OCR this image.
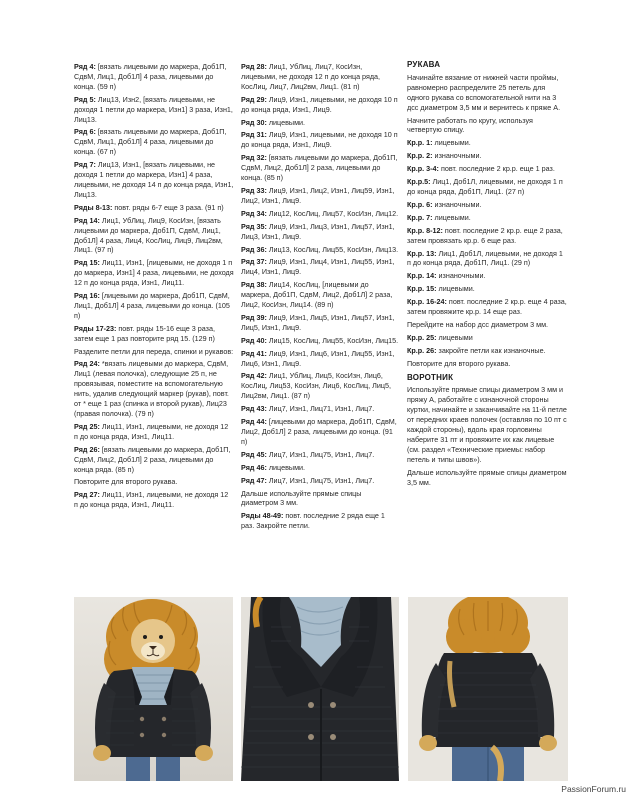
Ряд 4: [вязать лицевыми до маркера, Доб1П, СдвМ, Лиц1, Доб1Л] 4 раза, лицевыми до конца. (59 п)

Ряд 5: Лиц13, Изн2, [вязать лицевыми, не доходя 1 петли до маркера, Изн1] 3 раза, Изн1, Лиц13.

Ряд 6: [вязать лицевыми до маркера, Доб1П, СдвМ, Лиц1, Доб1Л] 4 раза, лицевыми до конца. (67 п)

Ряд 7: Лиц13, Изн1, [вязать лицевыми, не доходя 1 петли до маркера, Изн1] 4 раза, лицевыми, не доходя 14 п до конца ряда, Изн1, Лиц13.

Ряды 8-13: повт. ряды 6-7 еще 3 раза. (91 п)

Ряд 14: Лиц1, УбЛиц, Лиц9, КосИзн, [вязать лицевыми до маркера, Доб1П, СдвМ, Лиц1, Доб1Л] 4 раза, Лиц4, КосЛиц, Лиц9, Лиц2вм, Лиц1. (97 п)

Ряд 15: Лиц11, Изн1, [лицевыми, не доходя 1 п до маркера, Изн1] 4 раза, лицевыми, не доходя 12 п до конца ряда, Изн1, Лиц11.

Ряд 16: [лицевыми до маркера, Доб1П, СдвМ, Лиц1, Доб1Л] 4 раза, лицевыми до конца. (105 п)

Ряды 17-23: повт. ряды 15-16 еще 3 раза, затем еще 1 раз повторите ряд 15. (129 п)

Разделите петли для переда, спинки и рукавов:

Ряд 24: *вязать лицевыми до маркера, СдвМ, Лиц1 (левая полочка), следующие 25 п, не провязывая, поместите на вспомогательную нить, удалив следующий маркер (рукав), повт. от * еще 1 раз (спинка и второй рукав), Лиц23 (правая полочка). (79 п)

Ряд 25: Лиц11, Изн1, лицевыми, не доходя 12 п до конца ряда, Изн1, Лиц11.

Ряд 26: [вязать лицевыми до маркера, Доб1П, СдвМ, Лиц2, Доб1Л] 2 раза, лицевыми до конца ряда. (85 п)

Повторите для второго рукава.

Ряд 27: Лиц11, Изн1, лицевыми, не доходя 12 п до конца ряда, Изн1, Лиц11.

Ряд 28: Лиц1, УбЛиц, Лиц7, КосИзн, лицевыми, не доходя 12 п до конца ряда, КосЛиц, Лиц7, Лиц2вм, Лиц1. (81 п)

Ряд 29: Лиц9, Изн1, лицевыми, не доходя 10 п до конца ряда, Изн1, Лиц9.

Ряд 30: лицевыми.

Ряд 31: Лиц9, Изн1, лицевыми, не доходя 10 п до конца ряда, Изн1, Лиц9.

Ряд 32: [вязать лицевыми до маркера, Доб1П, СдвМ, Лиц2, Доб1Л] 2 раза, лицевыми до конца. (85 п)

Ряд 33: Лиц9, Изн1, Лиц2, Изн1, Лиц59, Изн1, Лиц2, Изн1, Лиц9.

Ряд 34: Лиц12, КосЛиц, Лиц57, КосИзн, Лиц12.

Ряд 35: Лиц9, Изн1, Лиц3, Изн1, Лиц57, Изн1, Лиц3, Изн1, Лиц9.

Ряд 36: Лиц13, КосЛиц, Лиц55, КосИзн, Лиц13.

Ряд 37: Лиц9, Изн1, Лиц4, Изн1, Лиц55, Изн1, Лиц4, Изн1, Лиц9.

Ряд 38: Лиц14, КосЛиц, [лицевыми до маркера, Доб1П, СдвМ, Лиц2, Доб1Л] 2 раза, Лиц2, КосИзн, Лиц14. (89 п)

Ряд 39: Лиц9, Изн1, Лиц5, Изн1, Лиц57, Изн1, Лиц5, Изн1, Лиц9.

Ряд 40: Лиц15, КосЛиц, Лиц55, КосИзн, Лиц15.

Ряд 41: Лиц9, Изн1, Лиц6, Изн1, Лиц55, Изн1, Лиц6, Изн1, Лиц9.

Ряд 42: Лиц1, УбЛиц, Лиц5, КосИзн, Лиц6, КосЛиц, Лиц53, КосИзн, Лиц6, КосЛиц, Лиц5, Лиц2вм, Лиц1. (87 п)

Ряд 43: Лиц7, Изн1, Лиц71, Изн1, Лиц7.

Ряд 44: [лицевыми до маркера, Доб1П, СдвМ, Лиц2, Доб1Л] 2 раза, лицевыми до конца. (91 п)

Ряд 45: Лиц7, Изн1, Лиц75, Изн1, Лиц7.

Ряд 46: лицевыми.

Ряд 47: Лиц7, Изн1, Лиц75, Изн1, Лиц7.

Дальше используйте прямые спицы диаметром 3 мм.

Ряды 48-49: повт. последние 2 ряда еще 1 раз. Закройте петли.

РУКАВА

Начинайте вязание от нижней части проймы, равномерно распределите 25 петель для одного рукава со вспомогательной нити на 3 дсс диаметром 3,5 мм и вернитесь к пряже А.

Начните работать по кругу, используя четвертую спицу.

Кр.р. 1: лицевыми.

Кр.р. 2: изнаночными.

Кр.р. 3-4: повт. последние 2 кр.р. еще 1 раз.

Кр.р.5: Лиц1, Доб1Л, лицевыми, не доходя 1 п до конца ряда, Доб1П, Лиц1. (27 п)

Кр.р. 6: изнаночными.

Кр.р. 7: лицевыми.

Кр.р. 8-12: повт. последние 2 кр.р. еще 2 раза, затем провязать кр.р. 6 еще раз.

Кр.р. 13: Лиц1, Доб1Л, лицевыми, не доходя 1 п до конца ряда, Доб1П, Лиц1. (29 п)

Кр.р. 14: изнаночными.

Кр.р. 15: лицевыми.

Кр.р. 16-24: повт. последние 2 кр.р. еще 4 раза, затем провяжите кр.р. 14 еще раз.

Перейдите на набор дсс диаметром 3 мм.

Кр.р. 25: лицевыми

Кр.р. 26: закройте петли как изнаночные.

Повторите для второго рукава.

ВОРОТНИК

Используйте прямые спицы диаметром 3 мм и пряжу А, работайте с изнаночной стороны куртки, начинайте и заканчивайте на 11-й петле от передних краев полочек (оставляя по 10 пт с каждой стороны), вдоль края горловины наберите 31 пт и провяжите их как лицевые (см. раздел «Технические приемы: набор петель и типы швов»).

Дальше используйте прямые спицы диаметром 3,5 мм.

PassionForum.ru
